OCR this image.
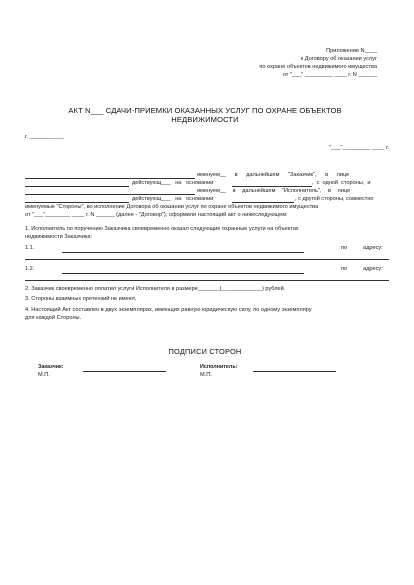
Приложение N____
к Договору об оказании услуг
по охране объектов недвижимого имущества
от "___" _________ ____ г. N ______
АКТ N___ СДАЧИ-ПРИЕМКИ ОКАЗАННЫХ УСЛУГ ПО ОХРАНЕ ОБЪЕКТОВ
НЕДВИЖИМОСТИ
г. ___________
"___"_________ ____ г.
именуем__ в дальнейшем "Заказчик", в лице
действующ___ на основании	, с одной стороны, и
именуем__ в дальнейшем "Исполнитель", в лице
действующ___ на основании	, с другой стороны, совместно
именуемые "Стороны", во исполнение Договора об оказании услуг по охране объектов недвижимого имущества
от "___"________ ____ г. N ______ (далее - "Договор"), оформили настоящий акт о нижеследующем:
1. Исполнитель по поручению Заказчика своевременно оказал следующие охранные услуги на объектах
недвижимости Заказчика:
1.1.	по	адресу:
1.2.	по	адресу:
2. Заказчик своевременно оплатил услуги Исполнителя в размере_______(_____________) рублей.
3. Стороны взаимных претензий не имеют.
4. Настоящий Акт составлен в двух экземплярах, имеющих равную юридическую силу, по одному экземпляру
для каждой Стороны.
ПОДПИСИ СТОРОН
Заказчик:
М.П.
Исполнитель:
М.П.
